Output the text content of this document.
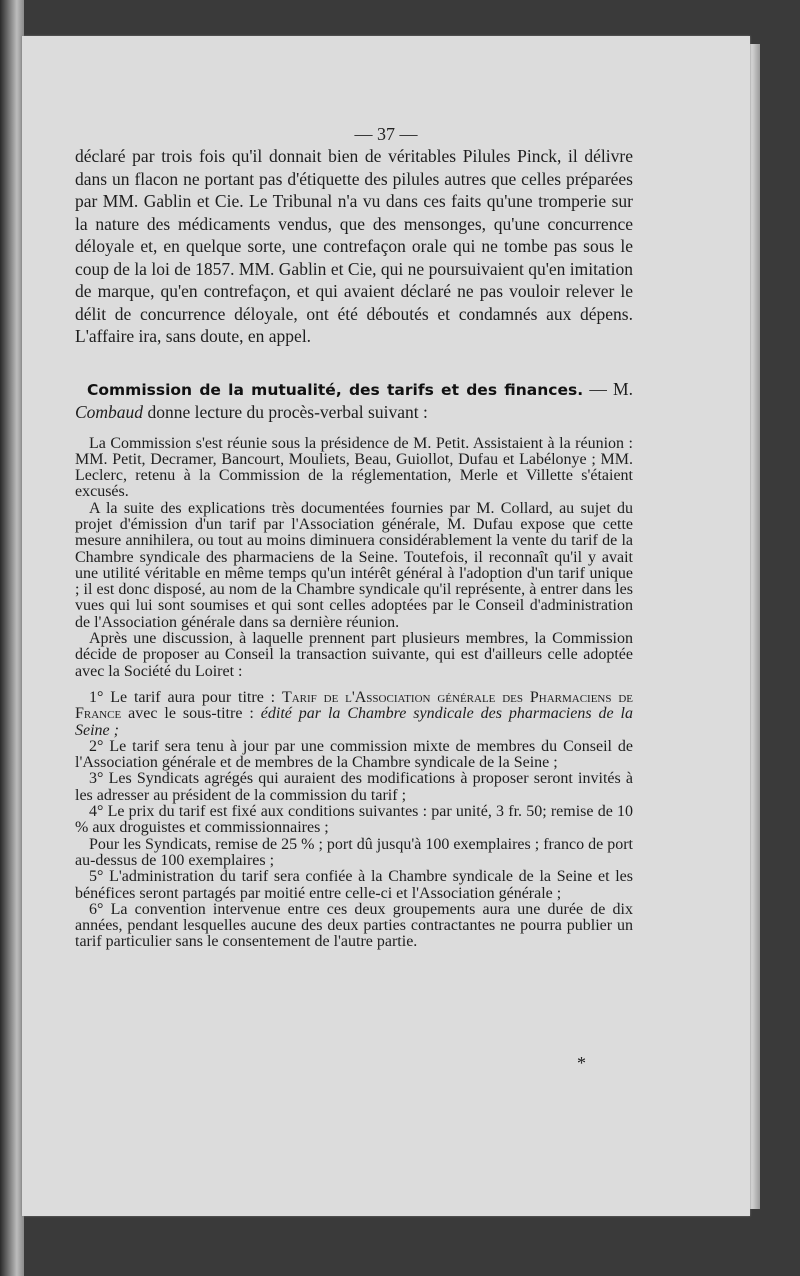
— 37 —

déclaré par trois fois qu'il donnait bien de véritables Pilules Pinck, il délivre dans un flacon ne portant pas d'étiquette des pilules autres que celles préparées par MM. Gablin et Cie. Le Tribunal n'a vu dans ces faits qu'une tromperie sur la nature des médicaments vendus, que des mensonges, qu'une concurrence déloyale et, en quelque sorte, une contrefaçon orale qui ne tombe pas sous le coup de la loi de 1857. MM. Gablin et Cie, qui ne poursuivaient qu'en imitation de marque, qu'en contrefaçon, et qui avaient déclaré ne pas vouloir relever le délit de concurrence déloyale, ont été déboutés et condamnés aux dépens. L'affaire ira, sans doute, en appel.

Commission de la mutualité, des tarifs et des finances. — M. Combaud donne lecture du procès-verbal suivant :

La Commission s'est réunie sous la présidence de M. Petit. Assistaient à la réunion : MM. Petit, Decramer, Bancourt, Mouliets, Beau, Guiollot, Dufau et Labélonye ; MM. Leclerc, retenu à la Commission de la réglementation, Merle et Villette s'étaient excusés.

A la suite des explications très documentées fournies par M. Collard, au sujet du projet d'émission d'un tarif par l'Association générale, M. Dufau expose que cette mesure annihilera, ou tout au moins diminuera considérablement la vente du tarif de la Chambre syndicale des pharmaciens de la Seine. Toutefois, il reconnaît qu'il y avait une utilité véritable en même temps qu'un intérêt général à l'adoption d'un tarif unique ; il est donc disposé, au nom de la Chambre syndicale qu'il représente, à entrer dans les vues qui lui sont soumises et qui sont celles adoptées par le Conseil d'administration de l'Association générale dans sa dernière réunion.

Après une discussion, à laquelle prennent part plusieurs membres, la Commission décide de proposer au Conseil la transaction suivante, qui est d'ailleurs celle adoptée avec la Société du Loiret :

1° Le tarif aura pour titre : Tarif de l'Association générale des Pharmaciens de France avec le sous-titre : édité par la Chambre syndicale des pharmaciens de la Seine ;

2° Le tarif sera tenu à jour par une commission mixte de membres du Conseil de l'Association générale et de membres de la Chambre syndicale de la Seine ;

3° Les Syndicats agrégés qui auraient des modifications à proposer seront invités à les adresser au président de la commission du tarif ;

4° Le prix du tarif est fixé aux conditions suivantes : par unité, 3 fr. 50; remise de 10 % aux droguistes et commissionnaires ;

Pour les Syndicats, remise de 25 % ; port dû jusqu'à 100 exemplaires ; franco de port au-dessus de 100 exemplaires ;

5° L'administration du tarif sera confiée à la Chambre syndicale de la Seine et les bénéfices seront partagés par moitié entre celle-ci et l'Association générale ;

6° La convention intervenue entre ces deux groupements aura une durée de dix années, pendant lesquelles aucune des deux parties contractantes ne pourra publier un tarif particulier sans le consentement de l'autre partie.

*
